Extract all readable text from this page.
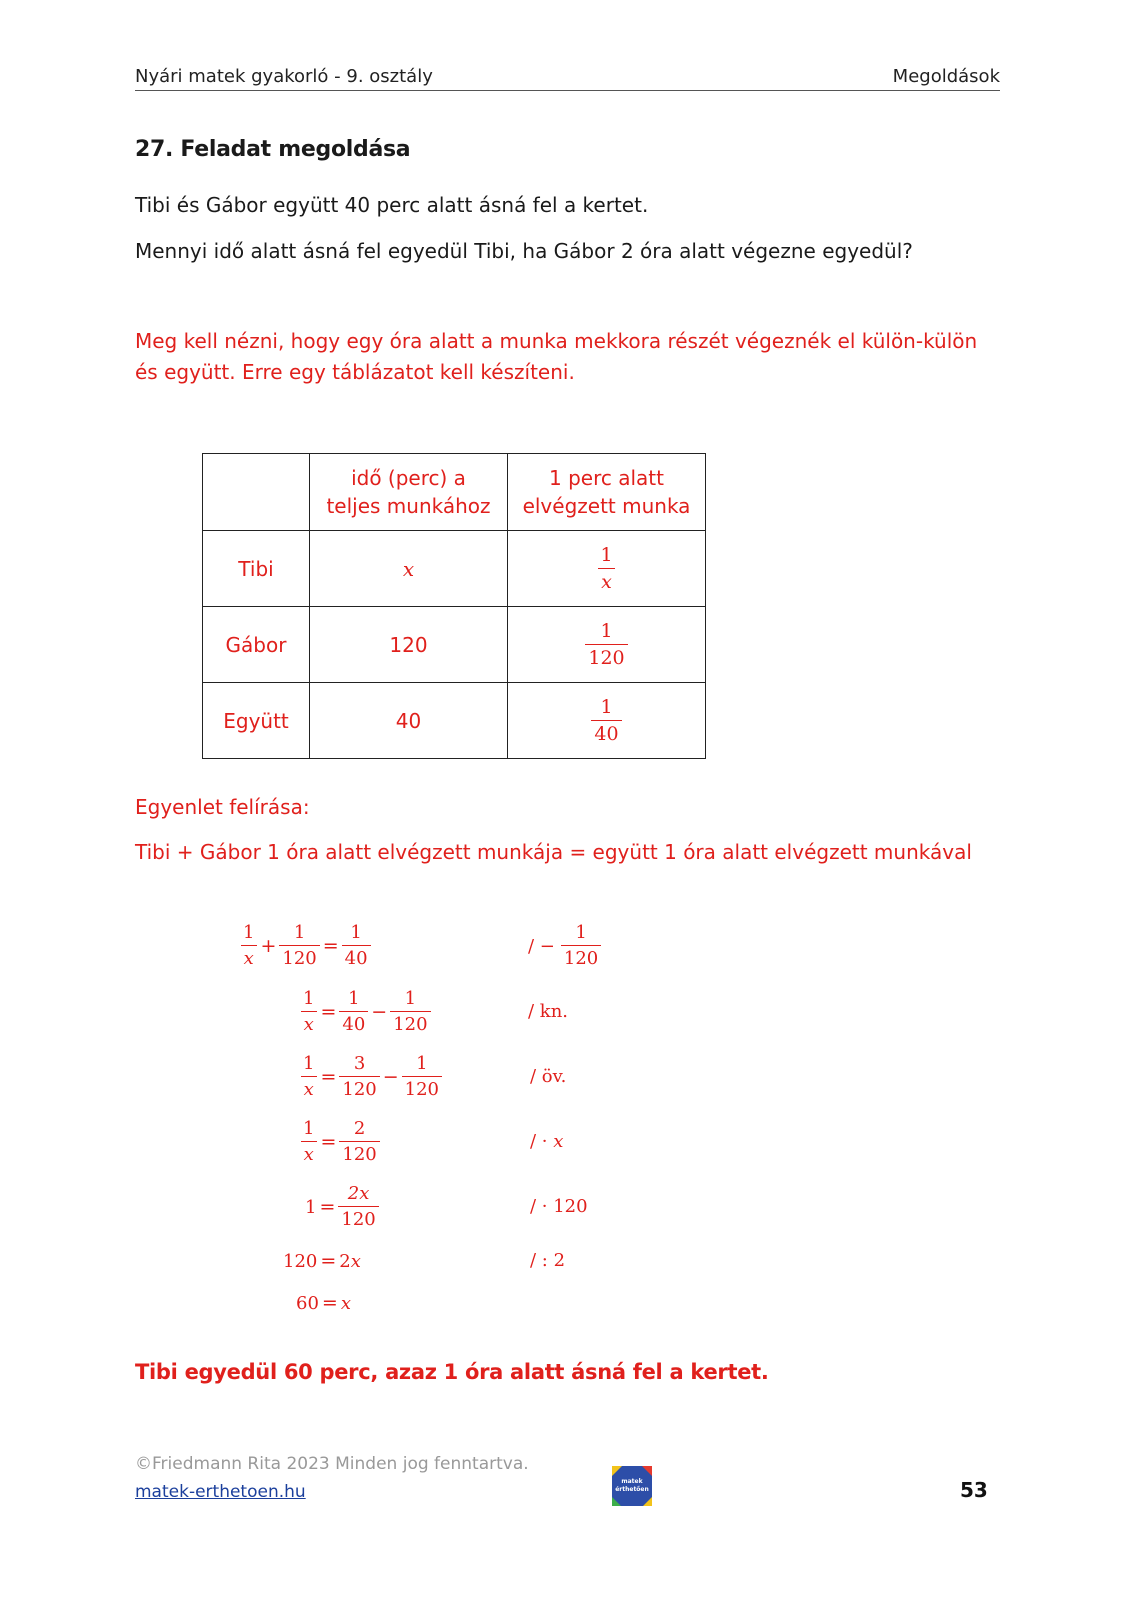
Nyári matek gyakorló - 9. osztály	Megoldások
27. Feladat megoldása
Tibi és Gábor együtt 40 perc alatt ásná fel a kertet.
Mennyi idő alatt ásná fel egyedül Tibi, ha Gábor 2 óra alatt végezne egyedül?
Meg kell nézni, hogy egy óra alatt a munka mekkora részét végeznék el külön-külön és együtt. Erre egy táblázatot kell készíteni.

	idő (perc) a teljes munkához	1 perc alatt elvégzett munka

Tibi	x	$\frac{1}{x}$

Gábor	120	$\frac{1}{120}$

Együtt	40	$\frac{1}{40}$
Egyenlet felírása:
Tibi + Gábor 1 óra alatt elvégzett munkája = együtt 1 óra alatt elvégzett munkával
$\frac{1}{x} + \frac{1}{120} = \frac{1}{40}$	/ − $\frac{1}{120}$
$\frac{1}{x} = \frac{1}{40} - \frac{1}{120}$	/ kn.
$\frac{1}{x} = \frac{3}{120} - \frac{1}{120}$	/ öv.
$\frac{1}{x} = \frac{2}{120}$	/ · x
$1 = \frac{2x}{120}$	/ · 120
120 = 2 x	/ : 2
60 = x
Tibi egyedül 60 perc, azaz 1 óra alatt ásná fel a kertet.
©Friedmann Rita 2023 Minden jog fenntartva.
matek-erthetoen.hu
matek
érthetően	53
